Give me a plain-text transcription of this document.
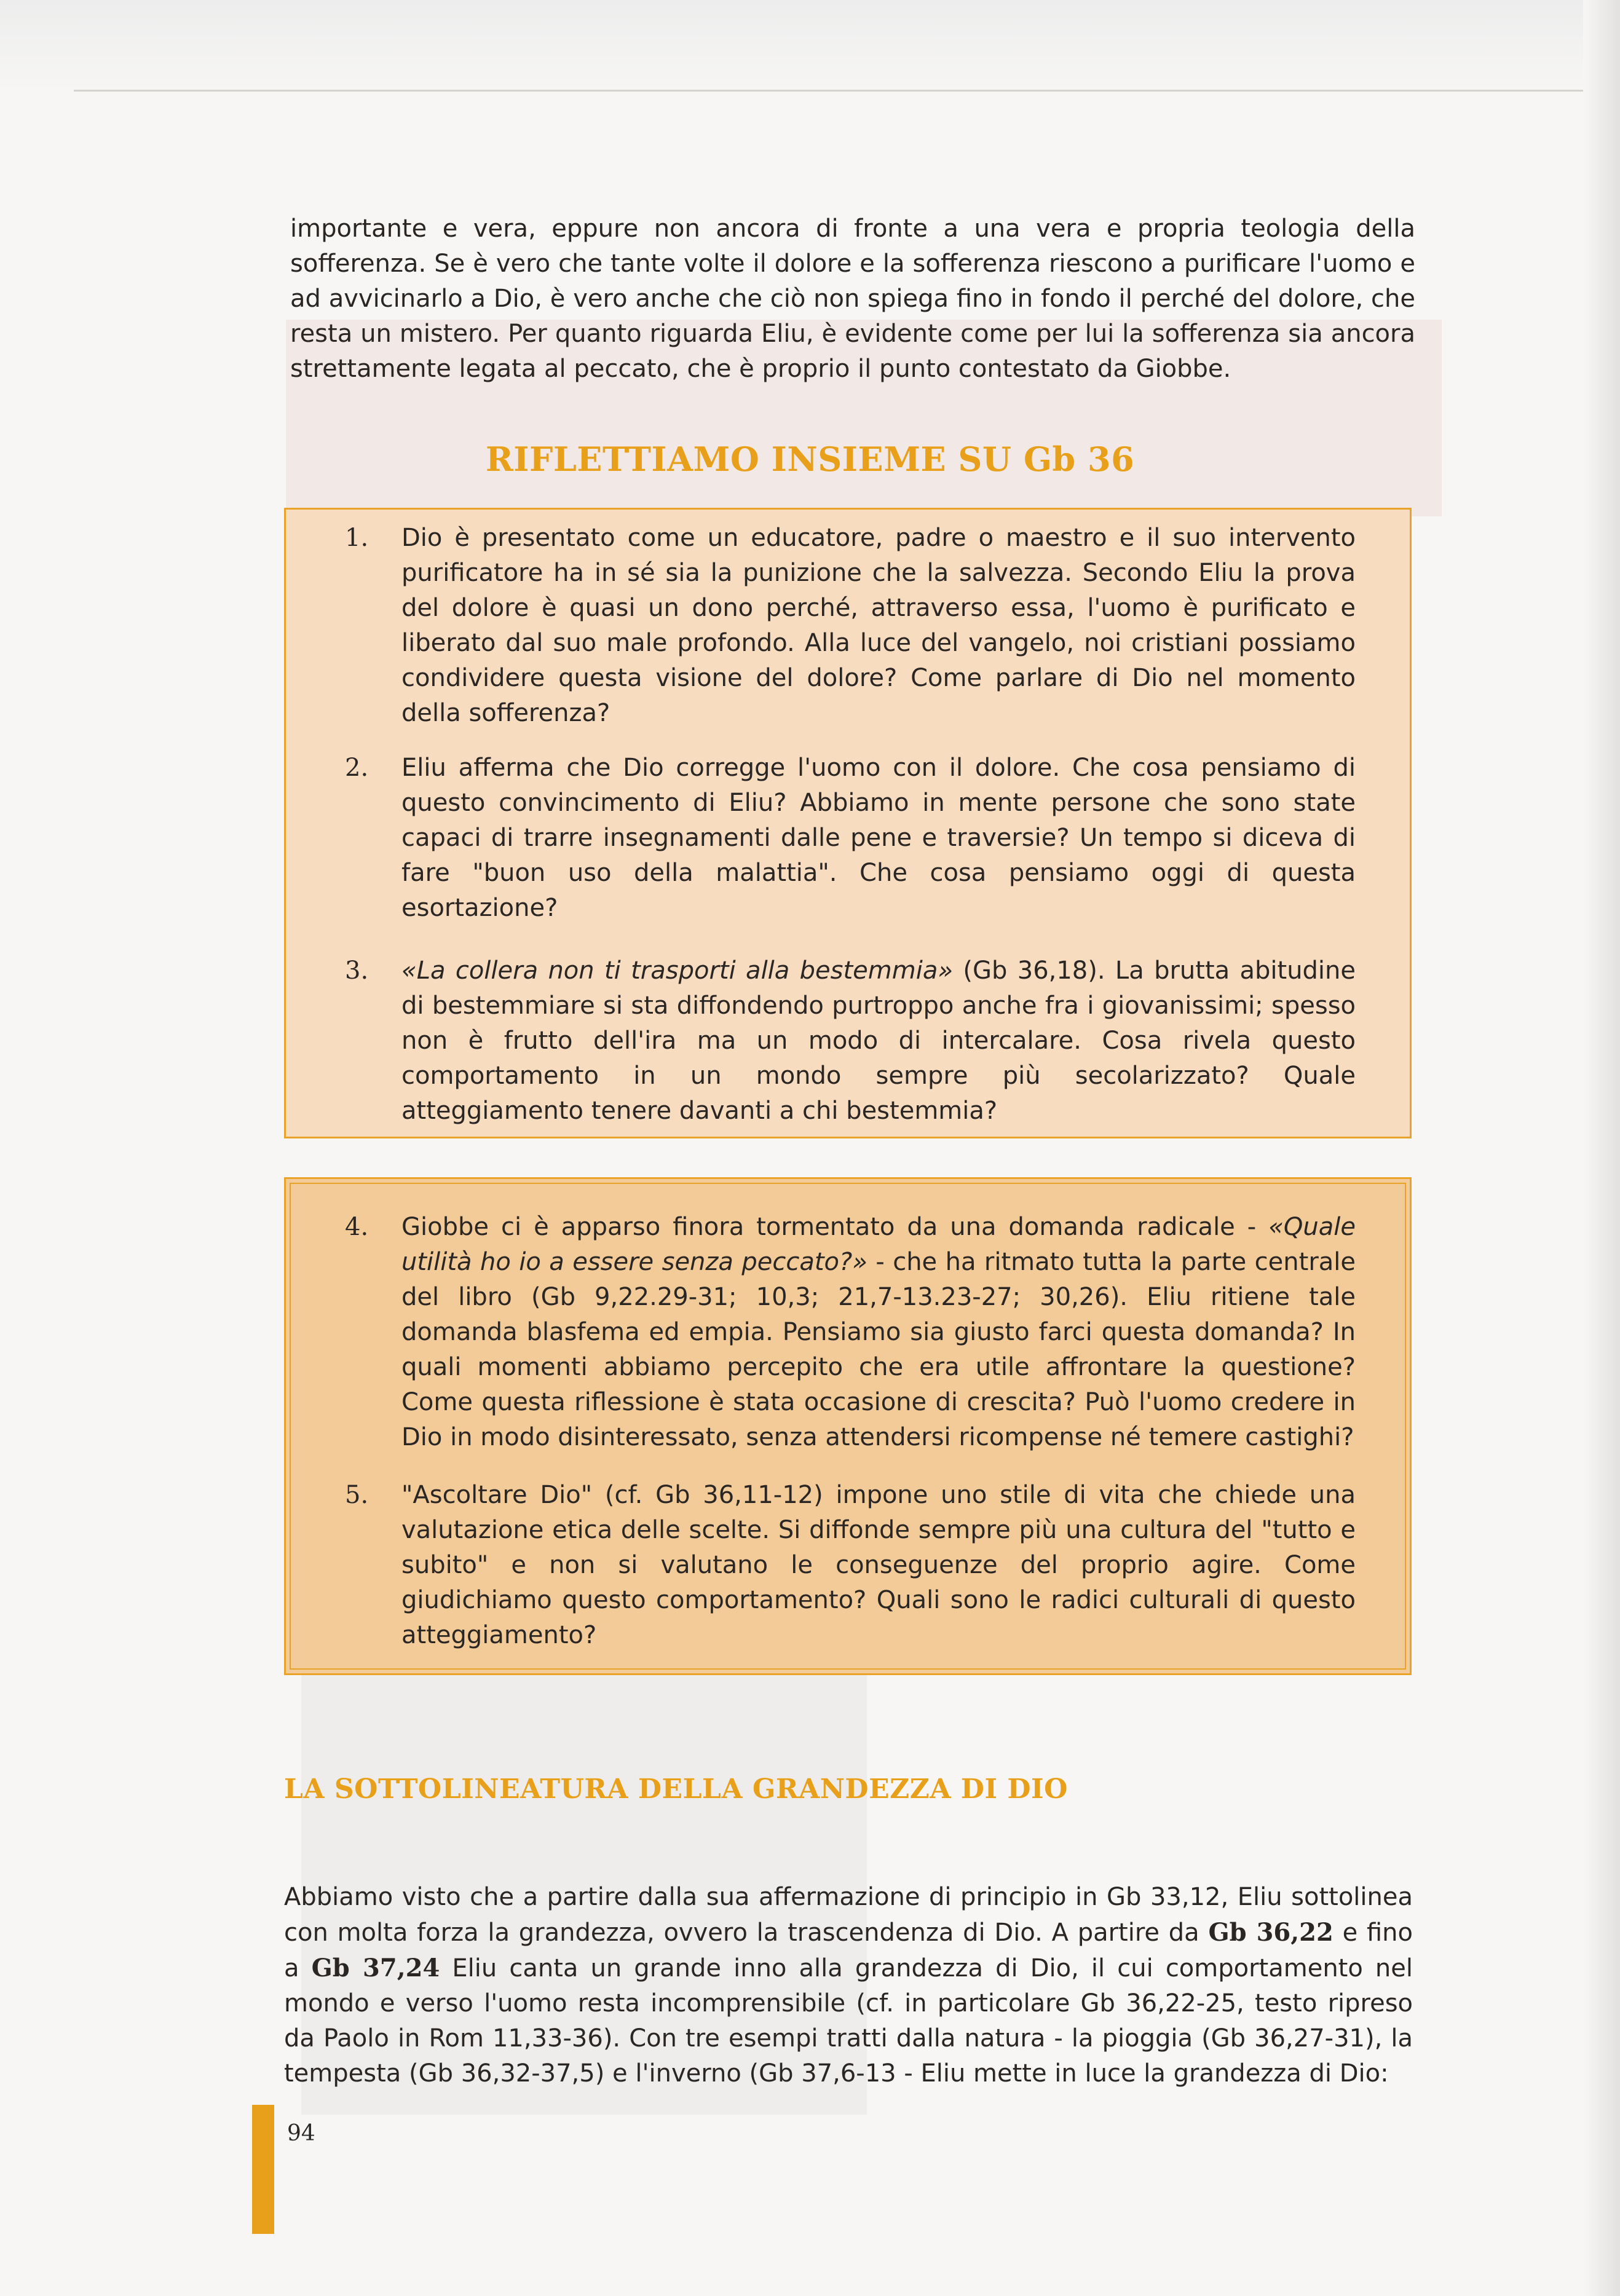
importante e vera, eppure non ancora di fronte a una vera e propria teologia della sofferenza. Se è vero che tante volte il dolore e la sofferenza riescono a purificare l'uomo e ad avvicinarlo a Dio, è vero anche che ciò non spiega fino in fondo il perché del dolore, che resta un mistero. Per quanto riguarda Eliu, è evidente come per lui la sofferenza sia ancora strettamente legata al peccato, che è proprio il punto contestato da Giobbe.

RIFLETTIAMO INSIEME SU Gb 36
1. Dio è presentato come un educatore, padre o maestro e il suo intervento purificatore ha in sé sia la punizione che la salvezza. Secondo Eliu la prova del dolore è quasi un dono perché, attraverso essa, l'uomo è purificato e liberato dal suo male profondo. Alla luce del vangelo, noi cristiani possiamo condividere questa visione del dolore? Come parlare di Dio nel momento della sofferenza?

2. Eliu afferma che Dio corregge l'uomo con il dolore. Che cosa pensiamo di questo convincimento di Eliu? Abbiamo in mente persone che sono state capaci di trarre insegnamenti dalle pene e traversie? Un tempo si diceva di fare "buon uso della malattia". Che cosa pensiamo oggi di questa esortazione?

3. «La collera non ti trasporti alla bestemmia» (Gb 36,18). La brutta abitudine di bestemmiare si sta diffondendo purtroppo anche fra i giovanissimi; spesso non è frutto dell'ira ma un modo di intercalare. Cosa rivela questo comportamento in un mondo sempre più secolarizzato? Quale atteggiamento tenere davanti a chi bestemmia?

4. Giobbe ci è apparso finora tormentato da una domanda radicale - «Quale utilità ho io a essere senza peccato?» - che ha ritmato tutta la parte centrale del libro (Gb 9,22.29-31; 10,3; 21,7-13.23-27; 30,26). Eliu ritiene tale domanda blasfema ed empia. Pensiamo sia giusto farci questa domanda? In quali momenti abbiamo percepito che era utile affrontare la questione? Come questa riflessione è stata occasione di crescita? Può l'uomo credere in Dio in modo disinteressato, senza attendersi ricompense né temere castighi?

5. "Ascoltare Dio" (cf. Gb 36,11-12) impone uno stile di vita che chiede una valutazione etica delle scelte. Si diffonde sempre più una cultura del "tutto e subito" e non si valutano le conseguenze del proprio agire. Come giudichiamo questo comportamento? Quali sono le radici culturali di questo atteggiamento?

LA SOTTOLINEATURA DELLA GRANDEZZA DI DIO

Abbiamo visto che a partire dalla sua affermazione di principio in Gb 33,12, Eliu sottolinea con molta forza la grandezza, ovvero la trascendenza di Dio. A partire da Gb 36,22 e fino a Gb 37,24 Eliu canta un grande inno alla grandezza di Dio, il cui comportamento nel mondo e verso l'uomo resta incomprensibile (cf. in particolare Gb 36,22-25, testo ripreso da Paolo in Rom 11,33-36). Con tre esempi tratti dalla natura - la pioggia (Gb 36,27-31), la tempesta (Gb 36,32-37,5) e l'inverno (Gb 37,6-13 - Eliu mette in luce la grandezza di Dio:

94
